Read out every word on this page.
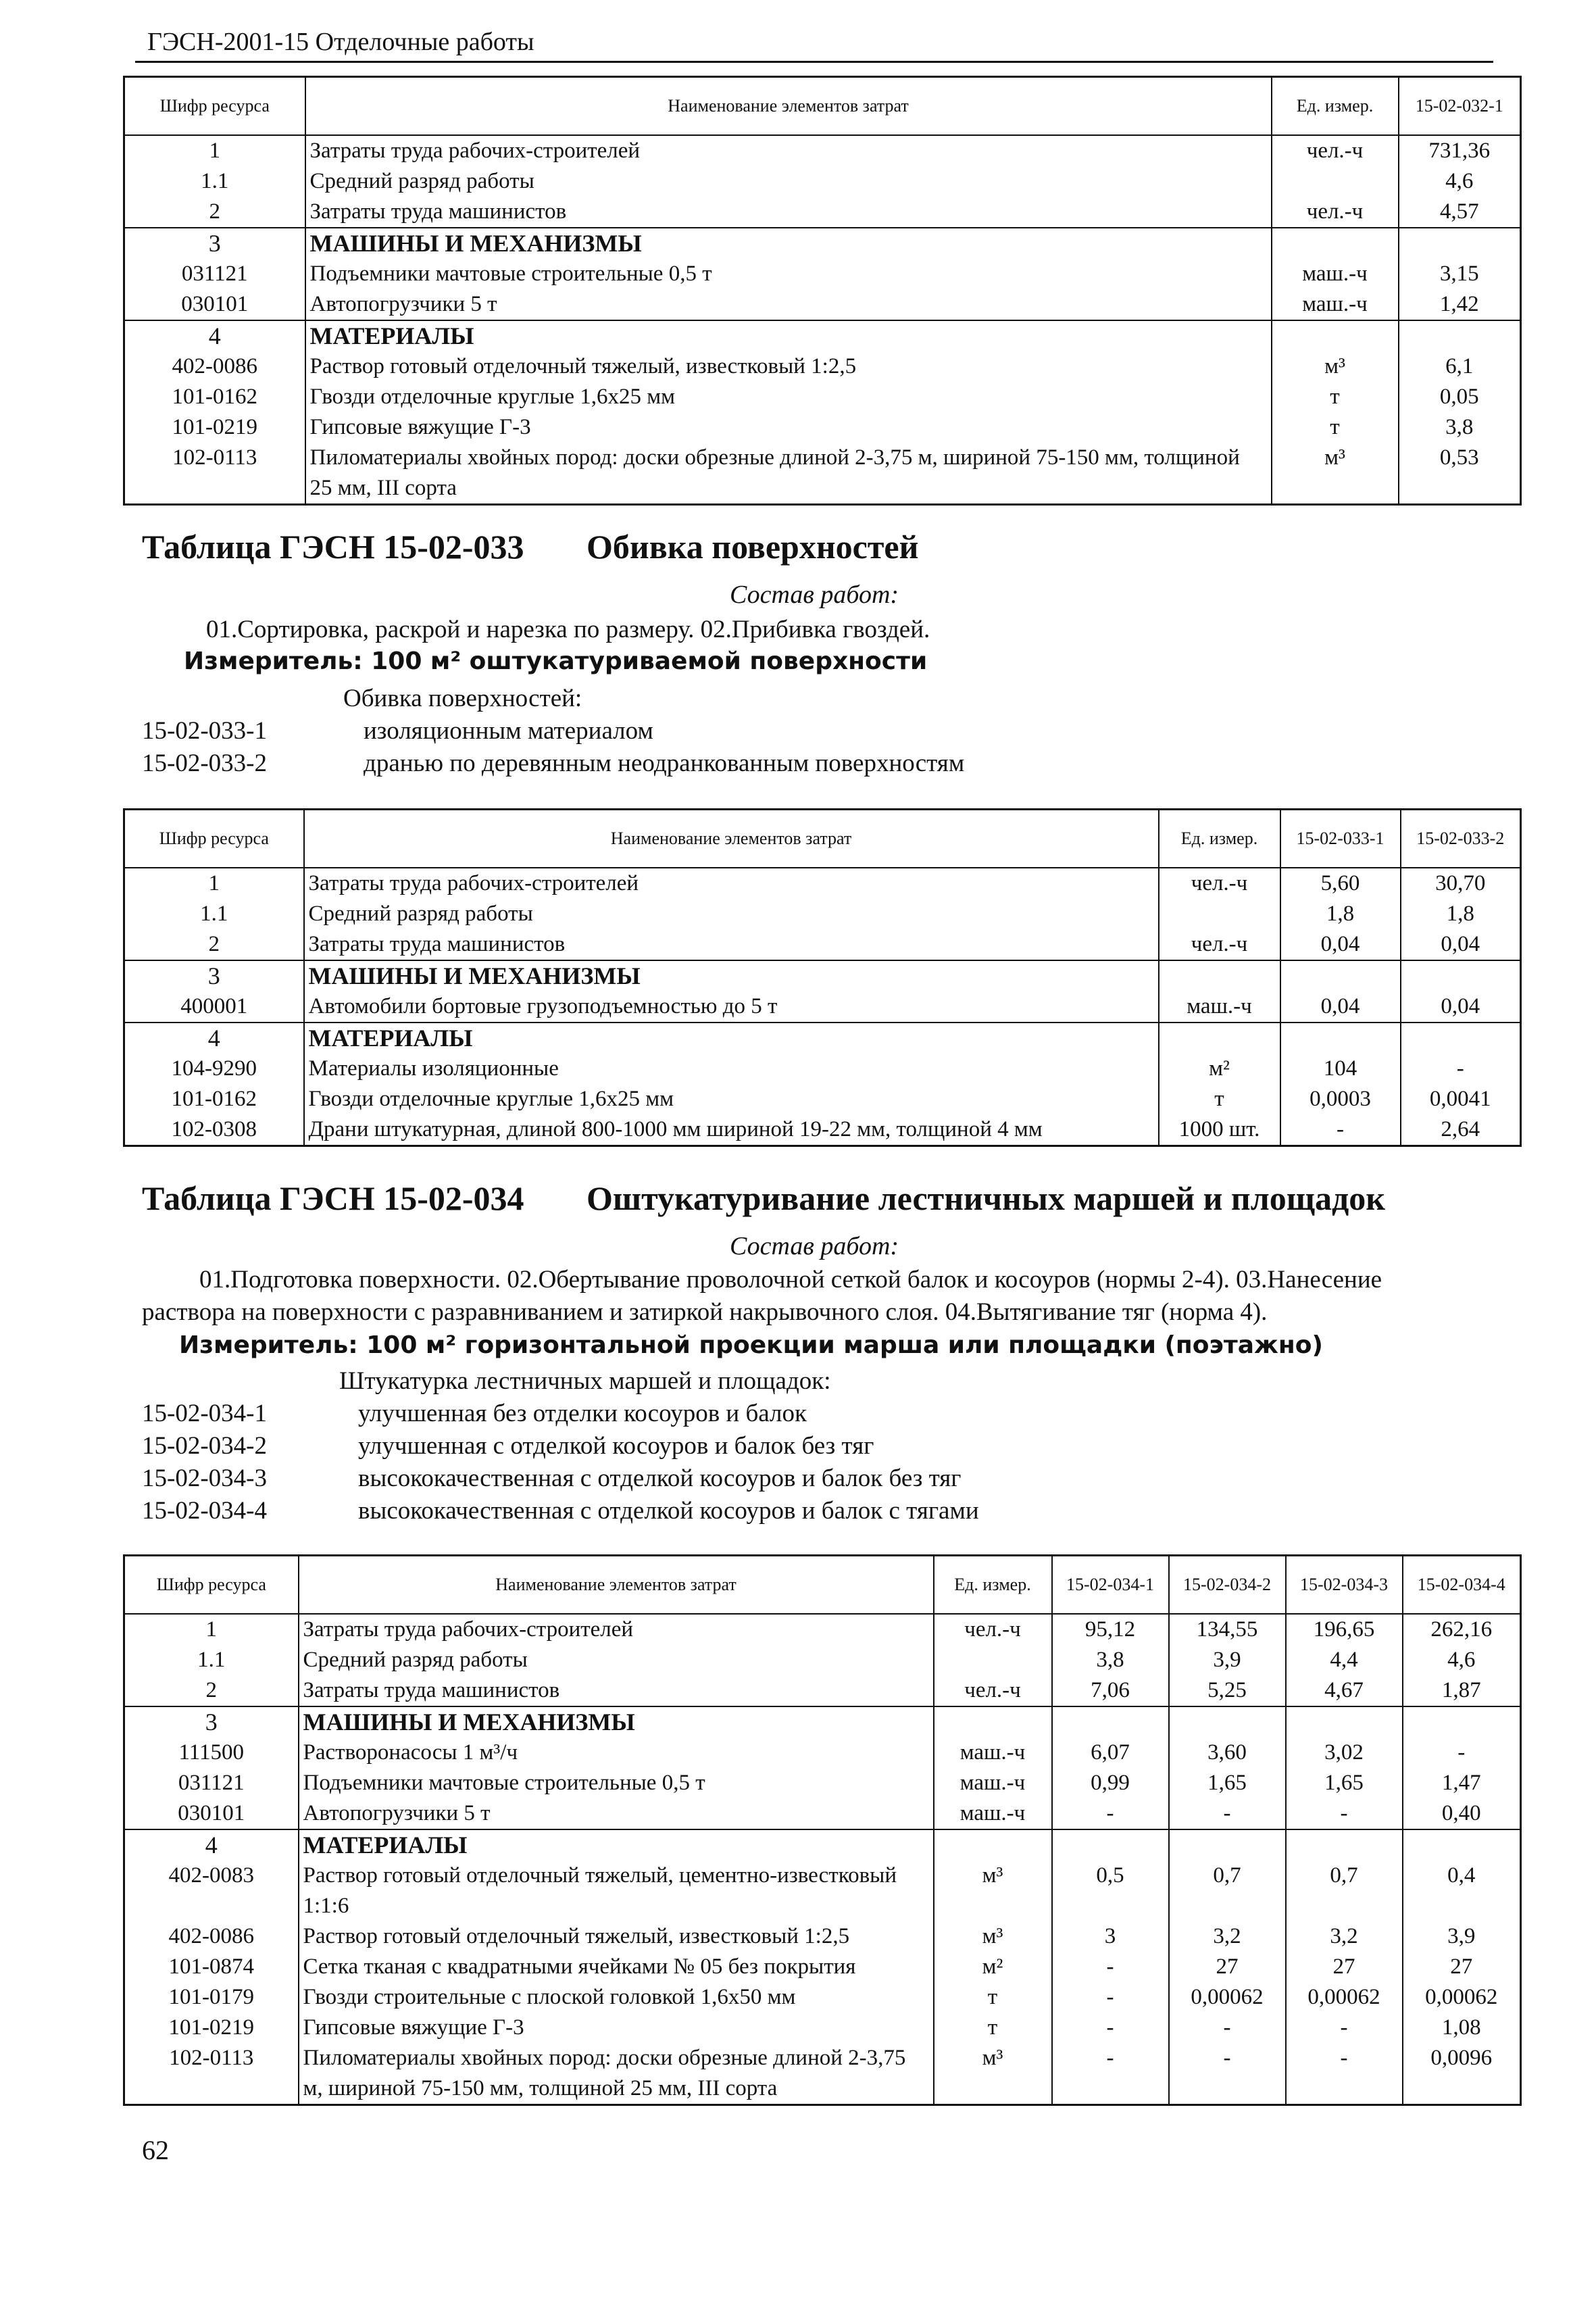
ГЭСН-2001-15 Отделочные работы
Шифр ресурса	Наименование элементов затрат	Ед. измер.	15-02-032-1
1	Затраты труда рабочих-строителей	чел.-ч	731,36
1.1	Средний разряд работы		4,6
2	Затраты труда машинистов	чел.-ч	4,57
3	МАШИНЫ И МЕХАНИЗМЫ		
031121	Подъемники мачтовые строительные 0,5 т	маш.-ч	3,15
030101	Автопогрузчики 5 т	маш.-ч	1,42
4	МАТЕРИАЛЫ		
402-0086	Раствор готовый отделочный тяжелый, известковый 1:2,5	м³	6,1
101-0162	Гвозди отделочные круглые 1,6х25 мм	т	0,05
101-0219	Гипсовые вяжущие Г-3	т	3,8
102-0113	Пиломатериалы хвойных пород: доски обрезные длиной 2-3,75 м, шириной 75-150 мм, толщиной 25 мм, III сорта	м³	0,53
Таблица ГЭСН 15-02-033 Обивка поверхностей
Состав работ:
01.Сортировка, раскрой и нарезка по размеру. 02.Прибивка гвоздей.
Измеритель: 100 м² оштукатуриваемой поверхности
Обивка поверхностей:
15-02-033-1	изоляционным материалом
15-02-033-2	дранью по деревянным неодранкованным поверхностям
Шифр ресурса	Наименование элементов затрат	Ед. измер.	15-02-033-1	15-02-033-2
1	Затраты труда рабочих-строителей	чел.-ч	5,60	30,70
1.1	Средний разряд работы		1,8	1,8
2	Затраты труда машинистов	чел.-ч	0,04	0,04
3	МАШИНЫ И МЕХАНИЗМЫ			
400001	Автомобили бортовые грузоподъемностью до 5 т	маш.-ч	0,04	0,04
4	МАТЕРИАЛЫ			
104-9290	Материалы изоляционные	м²	104	-
101-0162	Гвозди отделочные круглые 1,6х25 мм	т	0,0003	0,0041
102-0308	Драни штукатурная, длиной 800-1000 мм шириной 19-22 мм, толщиной 4 мм	1000 шт.	-	2,64
Таблица ГЭСН 15-02-034 Оштукатуривание лестничных маршей и площадок
Состав работ:
01.Подготовка поверхности. 02.Обертывание проволочной сеткой балок и косоуров (нормы 2-4). 03.Нанесение
раствора на поверхности с разравниванием и затиркой накрывочного слоя. 04.Вытягивание тяг (норма 4).
Измеритель: 100 м² горизонтальной проекции марша или площадки (поэтажно)
Штукатурка лестничных маршей и площадок:
15-02-034-1	улучшенная без отделки косоуров и балок
15-02-034-2	улучшенная с отделкой косоуров и балок без тяг
15-02-034-3	высококачественная с отделкой косоуров и балок без тяг
15-02-034-4	высококачественная с отделкой косоуров и балок с тягами
Шифр ресурса	Наименование элементов затрат	Ед. измер.	15-02-034-1	15-02-034-2	15-02-034-3	15-02-034-4
1	Затраты труда рабочих-строителей	чел.-ч	95,12	134,55	196,65	262,16
1.1	Средний разряд работы		3,8	3,9	4,4	4,6
2	Затраты труда машинистов	чел.-ч	7,06	5,25	4,67	1,87
3	МАШИНЫ И МЕХАНИЗМЫ					
111500	Растворонасосы 1 м³/ч	маш.-ч	6,07	3,60	3,02	-
031121	Подъемники мачтовые строительные 0,5 т	маш.-ч	0,99	1,65	1,65	1,47
030101	Автопогрузчики 5 т	маш.-ч	-	-	-	0,40
4	МАТЕРИАЛЫ					
402-0083	Раствор готовый отделочный тяжелый, цементно-известковый 1:1:6	м³	0,5	0,7	0,7	0,4
402-0086	Раствор готовый отделочный тяжелый, известковый 1:2,5	м³	3	3,2	3,2	3,9
101-0874	Сетка тканая с квадратными ячейками № 05 без покрытия	м²	-	27	27	27
101-0179	Гвозди строительные с плоской головкой 1,6х50 мм	т	-	0,00062	0,00062	0,00062
101-0219	Гипсовые вяжущие Г-3	т	-	-	-	1,08
102-0113	Пиломатериалы хвойных пород: доски обрезные длиной 2-3,75 м, шириной 75-150 мм, толщиной 25 мм, III сорта	м³	-	-	-	0,0096
62
